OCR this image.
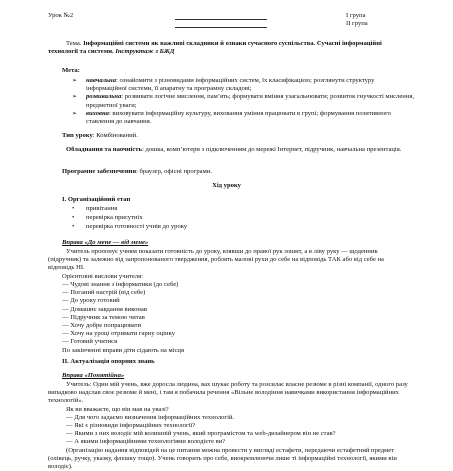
Урок №2	I група
II група

Тема. Інформаційні системи як важливі складники й ознаки сучасного суспільства. Сучасні інформаційні технології та системи. Інструктаж з БЖД

Мета:

➢ навчальна: ознайомити з різновидами інформаційних систем, їх класифікацією; розглянути структуру інформаційної системи, її апаратну та програмну складові;

➢ розвивальна: розвивати логічне мислення, пам’ять; формувати вміння узагальнювати; розвиток гнучкості мислення, предметної уваги;

➢ виховна: виховувати інформаційну культуру, виховання уміння працювати в групі; формування позитивного ставлення до навчання.

Тип уроку: Комбінований.

Обладнання та наочність: дошка, комп’ютери з підключенням до мережі Інтернет, підручник, навчальна презентація.

Програмне забезпечення: браузер, офісні програми.
Хід уроку
I. Організаційний етап
• привітання
• перевірка присутніх
• перевірка готовності учнів до уроку
Вправа «До мене — від мене»

Учитель пропонує учням показати готовність до уроку, взявши до правої рук зошит, а в ліву руку — щоденник (підручник) та залежно від запропонованого твердження, роблять малові рухи до себе на відповідь ТАК або від себе на відповідь НІ.

Орієнтовні вислови учителя:

— Чудові знання з інформатики (до себе)

— Поганий настрій (від себе)

— До уроку готовий

— Домашнє завдання виконав

— Підручник за темою читав

— Хочу добре попрацювати

— Хочу на уроці отримати гарну оцінку

— Готовий учитися

По закінченні вправи діти сідають на місця
II. Актуалізація опорних знань
Вправа «Понятійна»

Учитель: Один мій учень, вже доросла людина, вах шукає роботу та розсилає власне резюме в різні компанії, одного разу випадково надслав своє резюме й мені, і там я побачила речення «Вільне володіння навичками використання інформаційних технологій».

Як ви вважаєте, що він мав на увазі?

— Для чого задаємо визначення інформаційних технологій.

— Які є різновиди інформаційних технології?

— Якими з них володіє мій колишній учень, який програмістом та web-дизайнером він не став?

— А якими інформаційними технологіями володієте ви?

(Організацію надання відповідей на це питання можна провести у вигляді естафети, передаючи естафетний предмет (олівець, ручку, указку, флешку тощо). Учень говорить про себе, виокремлюючи лише ті інформаційні технології, якими він володіє).
